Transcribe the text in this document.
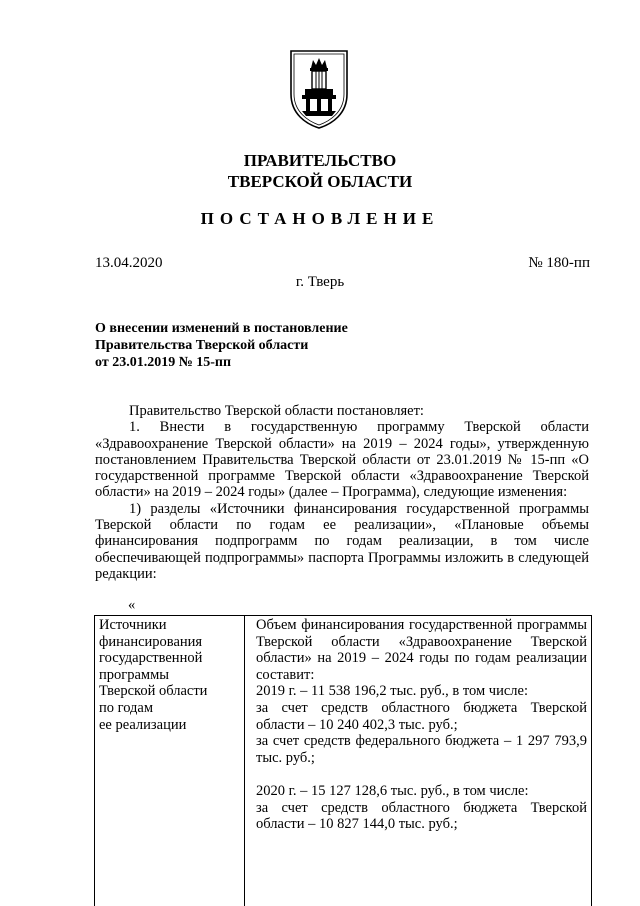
ПРАВИТЕЛЬСТВО
ТВЕРСКОЙ ОБЛАСТИ
ПОСТАНОВЛЕНИЕ
13.04.2020	№ 180-пп
г. Тверь
О внесении изменений в постановление
Правительства Тверской области
от 23.01.2019 № 15-пп

Правительство Тверской области постановляет:

1. Внести в государственную программу Тверской области «Здравоохранение Тверской области» на 2019 – 2024 годы», утвержденную постановлением Правительства Тверской области от 23.01.2019 № 15-пп «О государственной программе Тверской области «Здравоохранение Тверской области» на 2019 – 2024 годы» (далее – Программа), следующие изменения:

1) разделы «Источники финансирования государственной программы Тверской области по годам ее реализации», «Плановые объемы финансирования подпрограмм по годам реализации, в том числе обеспечивающей подпрограммы» паспорта Программы изложить в следующей редакции:

«
Источники
финансирования
государственной
программы
Тверской области
по годам
ее реализации

Объем финансирования государственной программы Тверской области «Здравоохранение Тверской области» на 2019 – 2024 годы по годам реализации составит:

2019 г. – 11 538 196,2 тыс. руб., в том числе:

за счет средств областного бюджета Тверской области – 10 240 402,3 тыс. руб.;

за счет средств федерального бюджета – 1 297 793,9 тыс. руб.;

2020 г. – 15 127 128,6 тыс. руб., в том числе:

за счет средств областного бюджета Тверской области – 10 827 144,0 тыс. руб.;
